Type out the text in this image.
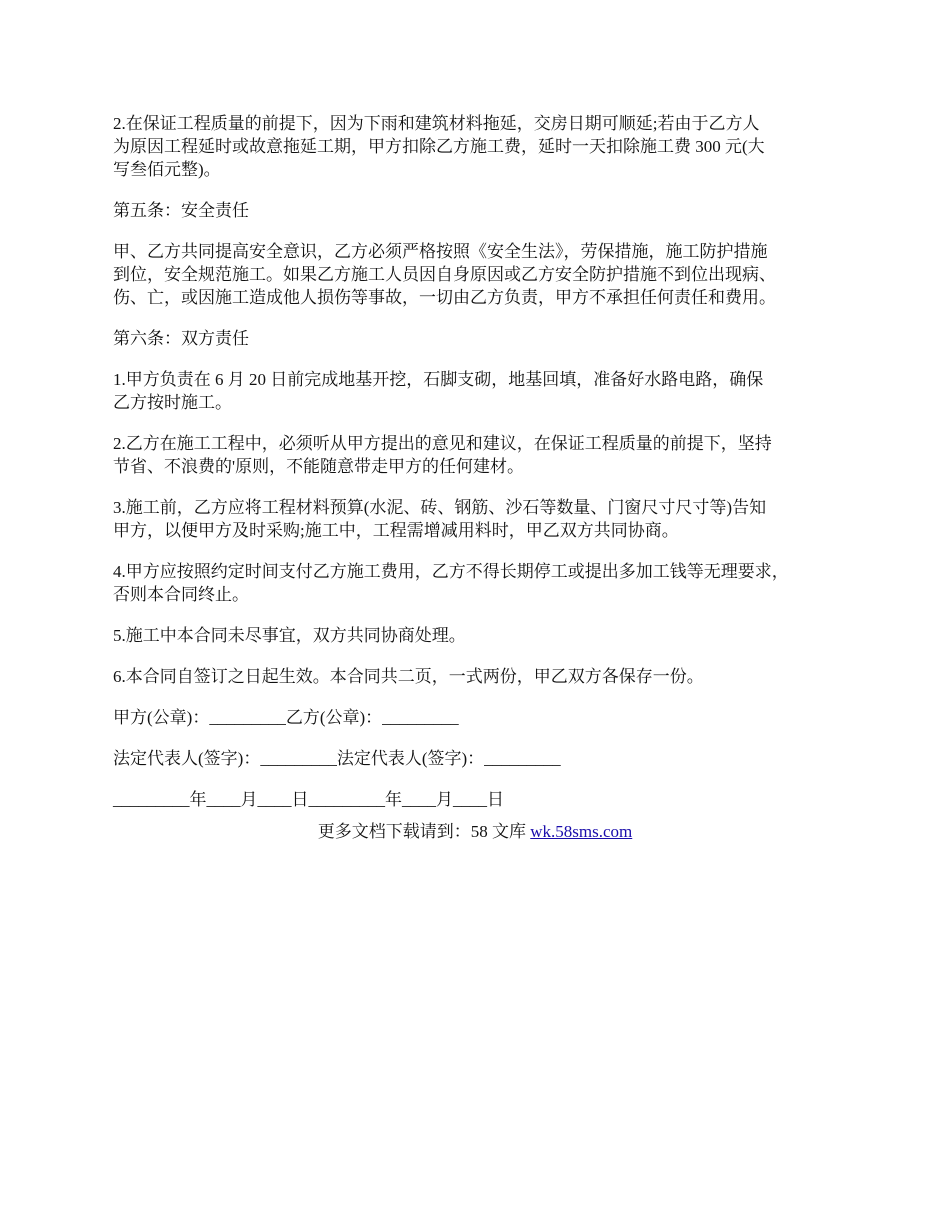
2.在保证工程质量的前提下，因为下雨和建筑材料拖延，交房日期可顺延;若由于乙方人
为原因工程延时或故意拖延工期，甲方扣除乙方施工费，延时一天扣除施工费 300 元(大
写叁佰元整)。

第五条：安全责任

甲、乙方共同提高安全意识，乙方必须严格按照《安全生法》，劳保措施，施工防护措施
到位，安全规范施工。如果乙方施工人员因自身原因或乙方安全防护措施不到位出现病、
伤、亡，或因施工造成他人损伤等事故，一切由乙方负责，甲方不承担任何责任和费用。

第六条：双方责任

1.甲方负责在 6 月 20 日前完成地基开挖，石脚支砌，地基回填，准备好水路电路，确保
乙方按时施工。

2.乙方在施工工程中，必须听从甲方提出的意见和建议，在保证工程质量的前提下，坚持
节省、不浪费的'原则，不能随意带走甲方的任何建材。

3.施工前，乙方应将工程材料预算(水泥、砖、钢筋、沙石等数量、门窗尺寸尺寸等)告知
甲方，以便甲方及时采购;施工中，工程需增减用料时，甲乙双方共同协商。

4.甲方应按照约定时间支付乙方施工费用，乙方不得长期停工或提出多加工钱等无理要求，
否则本合同终止。

5.施工中本合同未尽事宜，双方共同协商处理。

6.本合同自签订之日起生效。本合同共二页，一式两份，甲乙双方各保存一份。

甲方(公章)：_________乙方(公章)：_________

法定代表人(签字)：_________法定代表人(签字)：_________

_________年____月____日_________年____月____日

更多文档下载请到：58 文库 wk.58sms.com
